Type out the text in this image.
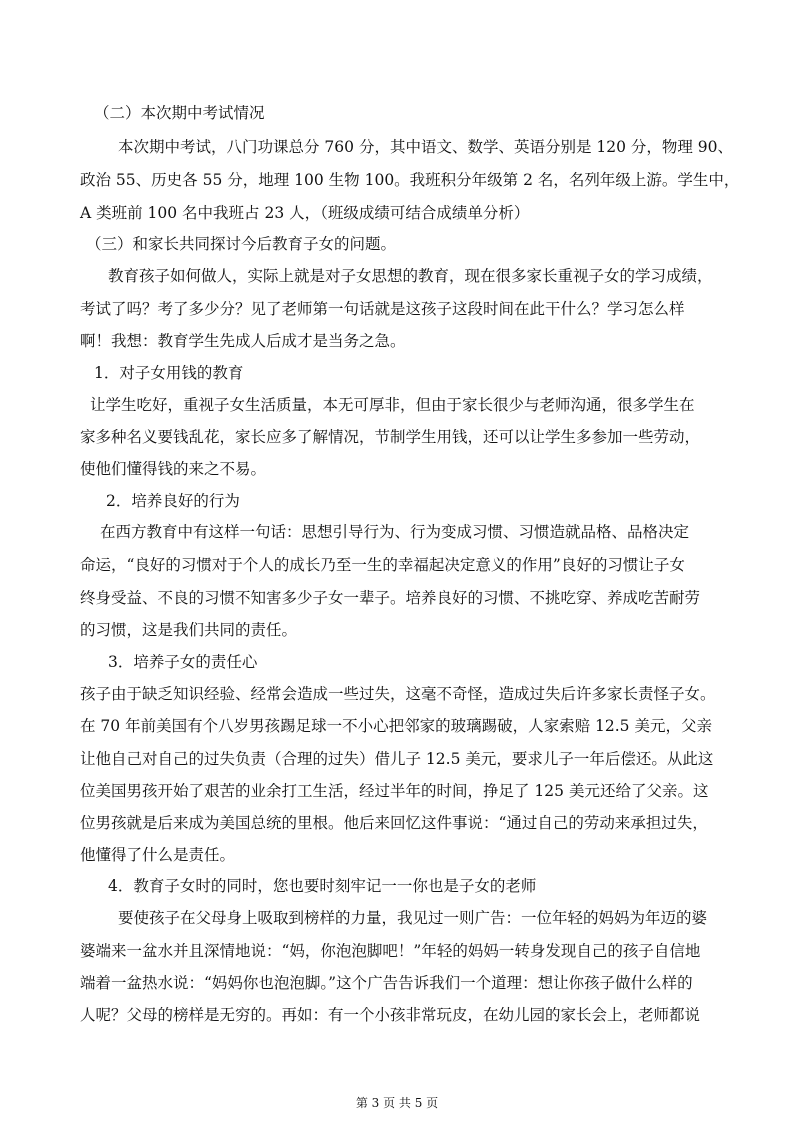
（二）本次期中考试情况
本次期中考试，八门功课总分 760 分，其中语文、数学、英语分别是 120 分，物理 90、
政治 55、历史各 55 分，地理 100 生物 100。我班积分年级第 2 名，名列年级上游。学生中，
A 类班前 100 名中我班占 23 人，（班级成绩可结合成绩单分析）
（三）和家长共同探讨今后教育子女的问题。
教育孩子如何做人，实际上就是对子女思想的教育，现在很多家长重视子女的学习成绩，
考试了吗？考了多少分？见了老师第一句话就是这孩子这段时间在此干什么？学习怎么样
啊！我想：教育学生先成人后成才是当务之急。
1．对子女用钱的教育
让学生吃好，重视子女生活质量，本无可厚非，但由于家长很少与老师沟通，很多学生在
家多种名义要钱乱花，家长应多了解情况，节制学生用钱，还可以让学生多参加一些劳动，
使他们懂得钱的来之不易。
2．培养良好的行为
在西方教育中有这样一句话：思想引导行为、行为变成习惯、习惯造就品格、品格决定
命运，“良好的习惯对于个人的成长乃至一生的幸福起决定意义的作用”良好的习惯让子女
终身受益、不良的习惯不知害多少子女一辈子。培养良好的习惯、不挑吃穿、养成吃苦耐劳
的习惯，这是我们共同的责任。
3．培养子女的责任心
孩子由于缺乏知识经验、经常会造成一些过失，这毫不奇怪，造成过失后许多家长责怪子女。
在 70 年前美国有个八岁男孩踢足球一不小心把邻家的玻璃踢破，人家索赔 12.5 美元，父亲
让他自己对自己的过失负责（合理的过失）借儿子 12.5 美元，要求儿子一年后偿还。从此这
位美国男孩开始了艰苦的业余打工生活，经过半年的时间，挣足了 125 美元还给了父亲。这
位男孩就是后来成为美国总统的里根。他后来回忆这件事说：“通过自己的劳动来承担过失，
他懂得了什么是责任。
4．教育子女时的同时，您也要时刻牢记一一你也是子女的老师
要使孩子在父母身上吸取到榜样的力量，我见过一则广告：一位年轻的妈妈为年迈的婆
婆端来一盆水并且深情地说：“妈，你泡泡脚吧！”年轻的妈妈一转身发现自己的孩子自信地
端着一盆热水说：“妈妈你也泡泡脚。”这个广告告诉我们一个道理：想让你孩子做什么样的
人呢？父母的榜样是无穷的。再如：有一个小孩非常玩皮，在幼儿园的家长会上，老师都说
第 3 页 共 5 页
